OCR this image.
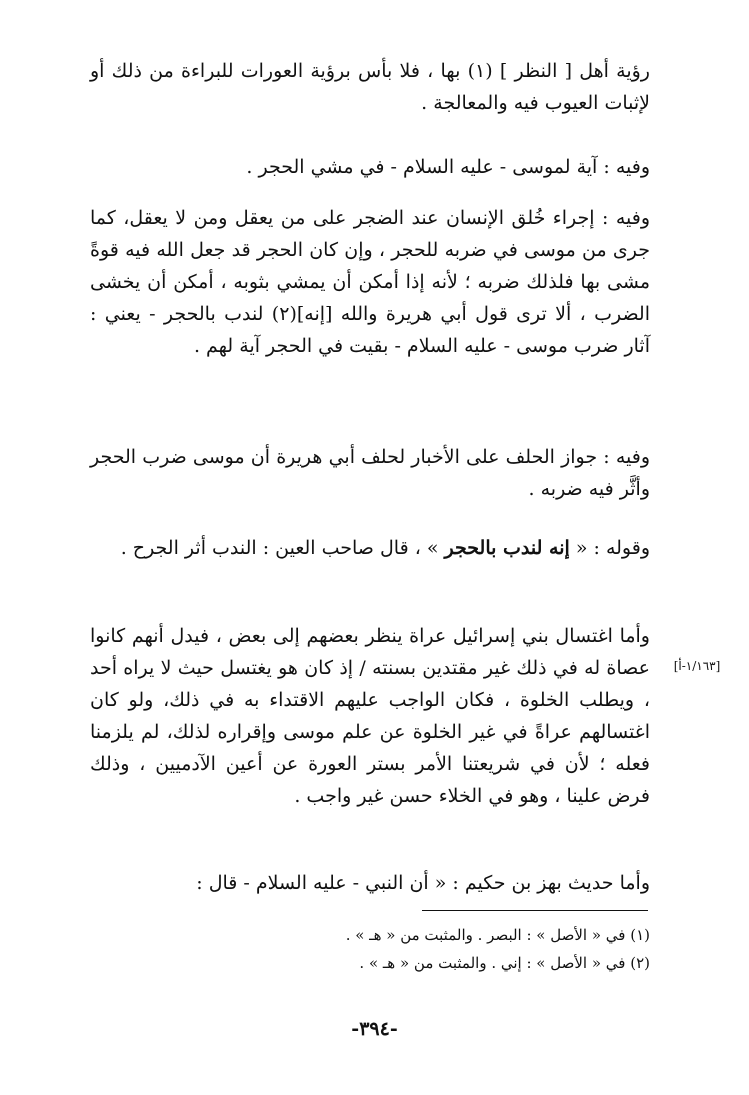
رؤية أهل [ النظر ] (١) بها ، فلا بأس برؤية العورات للبراءة من ذلك أو لإثبات العيوب فيه والمعالجة .

وفيه : آية لموسى - عليه السلام - في مشي الحجر .

وفيه : إجراء خُلق الإنسان عند الضجر على من يعقل ومن لا يعقل، كما جرى من موسى في ضربه للحجر ، وإن كان الحجر قد جعل الله فيه قوةً مشى بها فلذلك ضربه ؛ لأنه إذا أمكن أن يمشي بثوبه ، أمكن أن يخشى الضرب ، ألا ترى قول أبي هريرة والله [إنه](٢) لندب بالحجر - يعني : آثار ضرب موسى - عليه السلام - بقيت في الحجر آية لهم .

وفيه : جواز الحلف على الأخبار لحلف أبي هريرة أن موسى ضرب الحجر وأثَّر فيه ضربه .

وقوله : « إنه لندب بالحجر » ، قال صاحب العين : الندب أثر الجرح .

وأما اغتسال بني إسرائيل عراة ينظر بعضهم إلى بعض ، فيدل أنهم كانوا عصاة له في ذلك غير مقتدين بسنته / إذ كان هو يغتسل حيث لا يراه أحد ، ويطلب الخلوة ، فكان الواجب عليهم الاقتداء به في ذلك، ولو كان اغتسالهم عراةً في غير الخلوة عن علم موسى وإقراره لذلك، لم يلزمنا فعله ؛ لأن في شريعتنا الأمر بستر العورة عن أعين الآدميين ، وذلك فرض علينا ، وهو في الخلاء حسن غير واجب .

[١/١٦٣-أ]

وأما حديث بهز بن حكيم : « أن النبي - عليه السلام - قال :

(١) في « الأصل » : البصر . والمثبت من « هـ » .
(٢) في « الأصل » : إني . والمثبت من « هـ » .
-٣٩٤-
